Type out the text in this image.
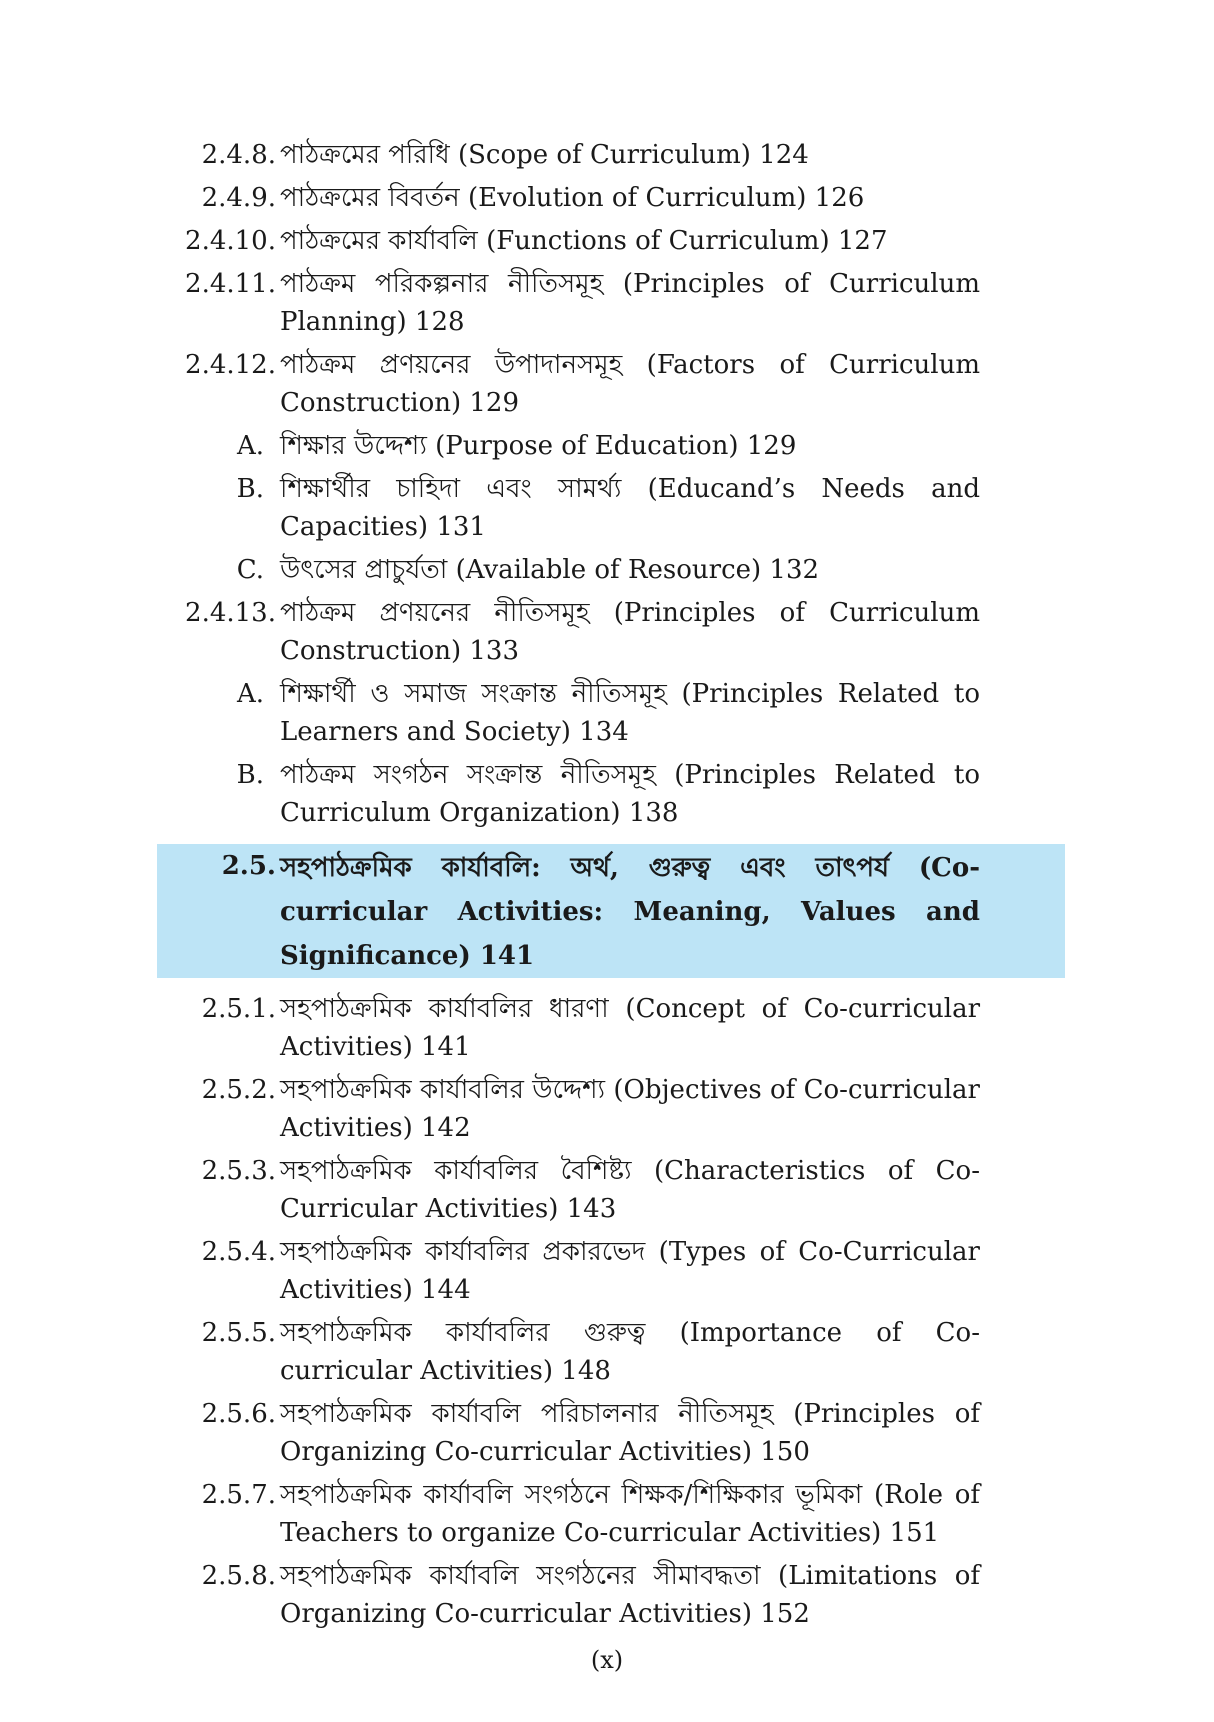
2.4.8. পাঠক্রমের পরিধি (Scope of Curriculum) 124
2.4.9. পাঠক্রমের বিবর্তন (Evolution of Curriculum) 126
2.4.10. পাঠক্রমের কার্যাবলি (Functions of Curriculum) 127
2.4.11. পাঠক্রম পরিকল্পনার নীতিসমূহ (Principles of Curriculum Planning) 128
2.4.12. পাঠক্রম প্রণয়নের উপাদানসমূহ (Factors of Curriculum Construction) 129
A. শিক্ষার উদ্দেশ্য (Purpose of Education) 129
B. শিক্ষার্থীর চাহিদা এবং সামর্থ্য (Educand’s Needs and Capacities) 131
C. উৎসের প্রাচুর্যতা (Available of Resource) 132
2.4.13. পাঠক্রম প্রণয়নের নীতিসমূহ (Principles of Curriculum Construction) 133
A. শিক্ষার্থী ও সমাজ সংক্রান্ত নীতিসমূহ (Principles Related to Learners and Society) 134
B. পাঠক্রম সংগঠন সংক্রান্ত নীতিসমূহ (Principles Related to Curriculum Organization) 138
2.5. সহপাঠক্রমিক কার্যাবলি: অর্থ, গুরুত্ব এবং তাৎপর্য (Co-curricular Activities: Meaning, Values and Significance) 141
2.5.1. সহপাঠক্রমিক কার্যাবলির ধারণা (Concept of Co-curricular Activities) 141
2.5.2. সহপাঠক্রমিক কার্যাবলির উদ্দেশ্য (Objectives of Co-curricular Activities) 142
2.5.3. সহপাঠক্রমিক কার্যাবলির বৈশিষ্ট্য (Characteristics of Co-Curricular Activities) 143
2.5.4. সহপাঠক্রমিক কার্যাবলির প্রকারভেদ (Types of Co-Curricular Activities) 144
2.5.5. সহপাঠক্রমিক কার্যাবলির গুরুত্ব (Importance of Co-curricular Activities) 148
2.5.6. সহপাঠক্রমিক কার্যাবলি পরিচালনার নীতিসমূহ (Principles of Organizing Co-curricular Activities) 150
2.5.7. সহপাঠক্রমিক কার্যাবলি সংগঠনে শিক্ষক/শিক্ষিকার ভূমিকা (Role of Teachers to organize Co-curricular Activities) 151
2.5.8. সহপাঠক্রমিক কার্যাবলি সংগঠনের সীমাবদ্ধতা (Limitations of Organizing Co-curricular Activities) 152
(x)
